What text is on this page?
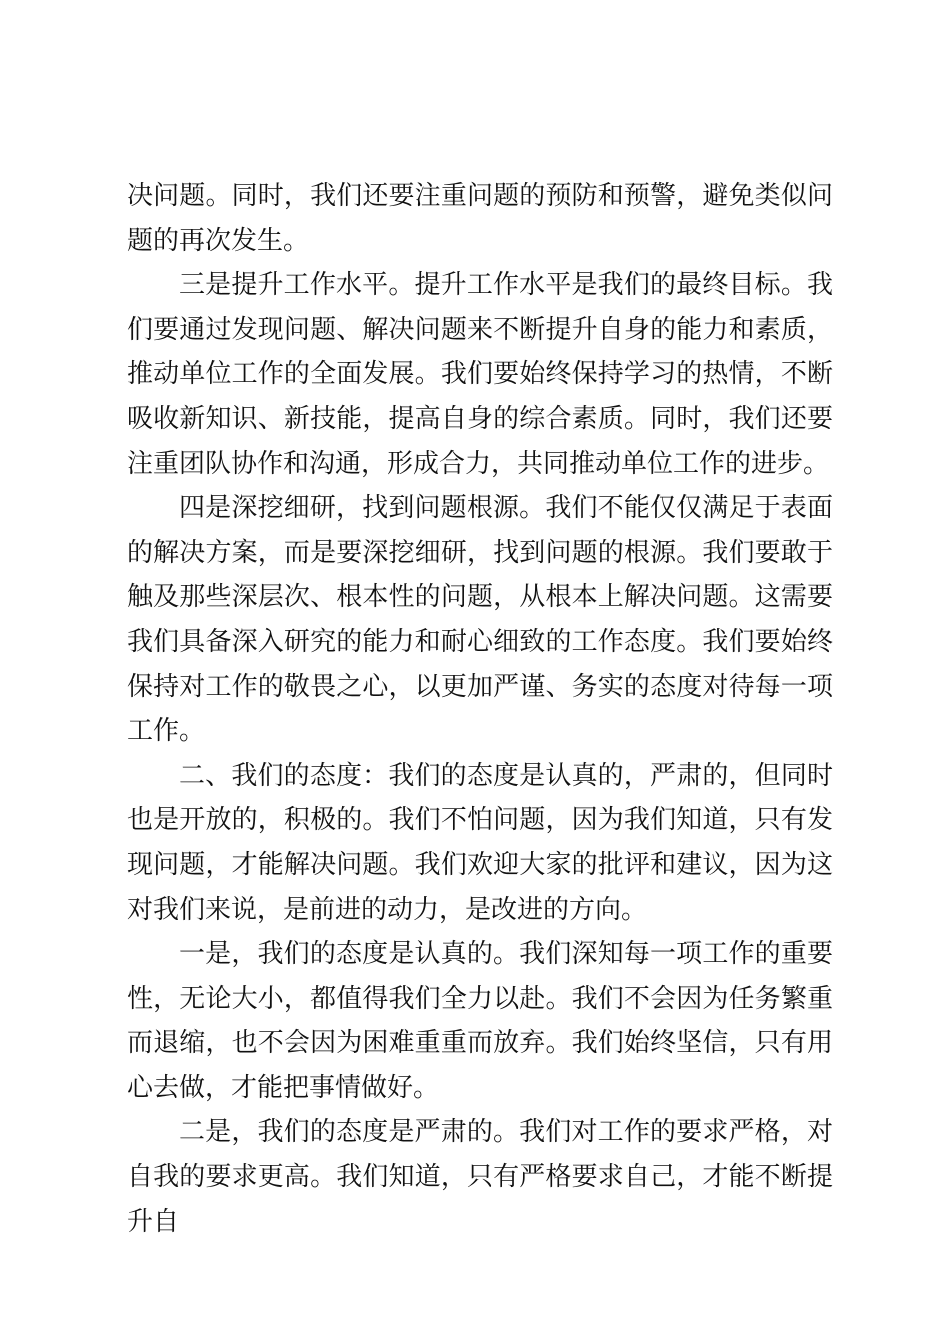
决问题。同时，我们还要注重问题的预防和预警，避免类似问题的再次发生。

三是提升工作水平。提升工作水平是我们的最终目标。我们要通过发现问题、解决问题来不断提升自身的能力和素质，推动单位工作的全面发展。我们要始终保持学习的热情，不断吸收新知识、新技能，提高自身的综合素质。同时，我们还要注重团队协作和沟通，形成合力，共同推动单位工作的进步。

四是深挖细研，找到问题根源。我们不能仅仅满足于表面的解决方案，而是要深挖细研，找到问题的根源。我们要敢于触及那些深层次、根本性的问题，从根本上解决问题。这需要我们具备深入研究的能力和耐心细致的工作态度。我们要始终保持对工作的敬畏之心，以更加严谨、务实的态度对待每一项工作。

二、我们的态度：我们的态度是认真的，严肃的，但同时也是开放的，积极的。我们不怕问题，因为我们知道，只有发现问题，才能解决问题。我们欢迎大家的批评和建议，因为这对我们来说，是前进的动力，是改进的方向。

一是，我们的态度是认真的。我们深知每一项工作的重要性，无论大小，都值得我们全力以赴。我们不会因为任务繁重而退缩，也不会因为困难重重而放弃。我们始终坚信，只有用心去做，才能把事情做好。

二是，我们的态度是严肃的。我们对工作的要求严格，对自我的要求更高。我们知道，只有严格要求自己，才能不断提升自
